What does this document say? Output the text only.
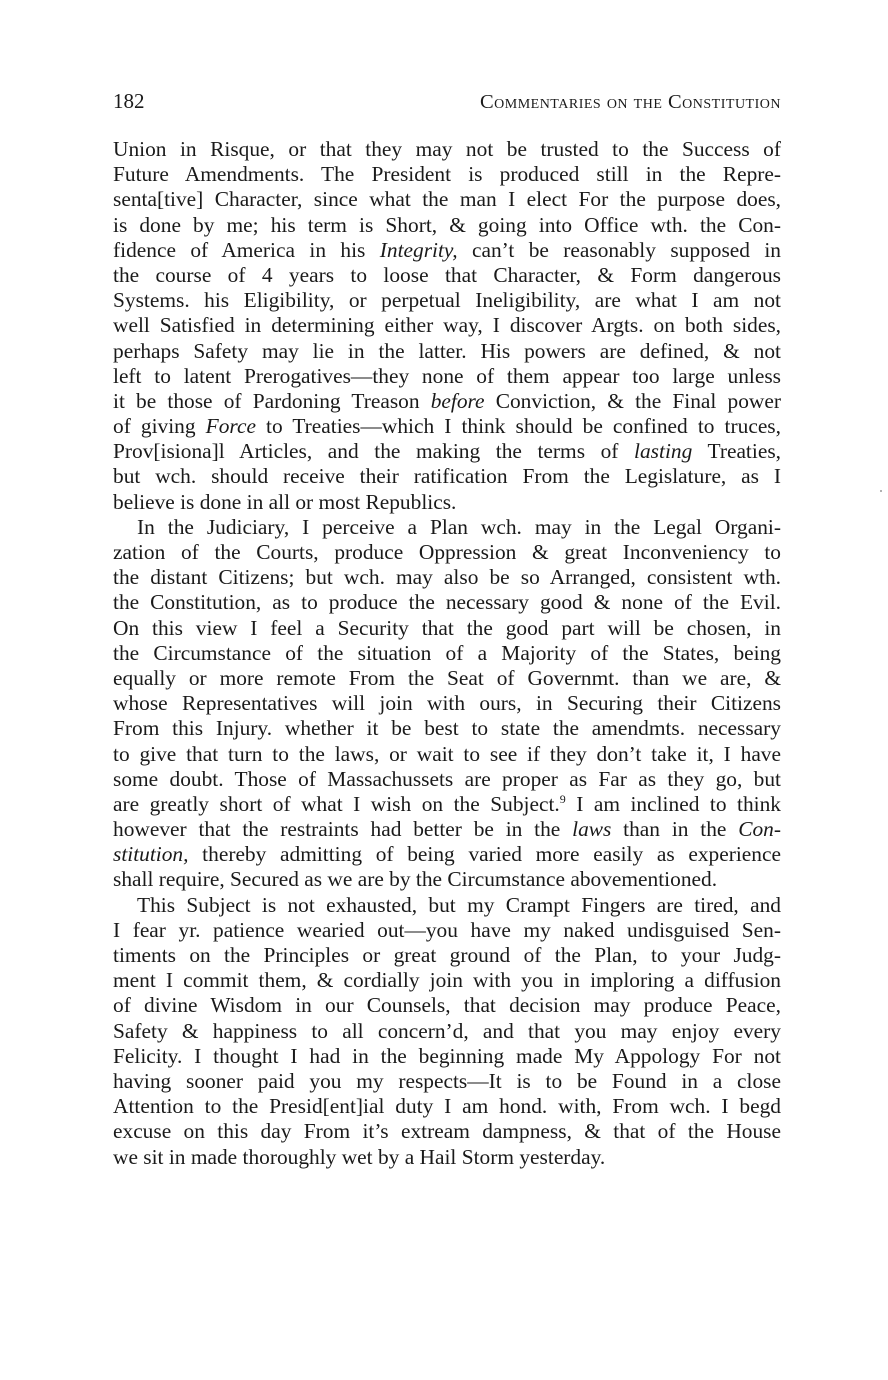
182	Commentaries on the Constitution
Union in Risque, or that they may not be trusted to the Success of
Future Amendments. The President is produced still in the Repre-
senta[tive] Character, since what the man I elect For the purpose does,
is done by me; his term is Short, & going into Office wth. the Con-
fidence of America in his Integrity, can’t be reasonably supposed in
the course of 4 years to loose that Character, & Form dangerous
Systems. his Eligibility, or perpetual Ineligibility, are what I am not
well Satisfied in determining either way, I discover Argts. on both sides,
perhaps Safety may lie in the latter. His powers are defined, & not
left to latent Prerogatives—they none of them appear too large unless
it be those of Pardoning Treason before Conviction, & the Final power
of giving Force to Treaties—which I think should be confined to truces,
Prov[isiona]l Articles, and the making the terms of lasting Treaties,
but wch. should receive their ratification From the Legislature, as I
believe is done in all or most Republics.
In the Judiciary, I perceive a Plan wch. may in the Legal Organi-
zation of the Courts, produce Oppression & great Inconveniency to
the distant Citizens; but wch. may also be so Arranged, consistent wth.
the Constitution, as to produce the necessary good & none of the Evil.
On this view I feel a Security that the good part will be chosen, in
the Circumstance of the situation of a Majority of the States, being
equally or more remote From the Seat of Governmt. than we are, &
whose Representatives will join with ours, in Securing their Citizens
From this Injury. whether it be best to state the amendmts. necessary
to give that turn to the laws, or wait to see if they don’t take it, I have
some doubt. Those of Massachussets are proper as Far as they go, but
are greatly short of what I wish on the Subject.$^9$ I am inclined to think
however that the restraints had better be in the laws than in the Con-
stitution, thereby admitting of being varied more easily as experience
shall require, Secured as we are by the Circumstance abovementioned.
This Subject is not exhausted, but my Crampt Fingers are tired, and
I fear yr. patience wearied out—you have my naked undisguised Sen-
timents on the Principles or great ground of the Plan, to your Judg-
ment I commit them, & cordially join with you in imploring a diffusion
of divine Wisdom in our Counsels, that decision may produce Peace,
Safety & happiness to all concern’d, and that you may enjoy every
Felicity. I thought I had in the beginning made My Appology For not
having sooner paid you my respects—It is to be Found in a close
Attention to the Presid[ent]ial duty I am hond. with, From wch. I begd
excuse on this day From it’s extream dampness, & that of the House
we sit in made thoroughly wet by a Hail Storm yesterday.
